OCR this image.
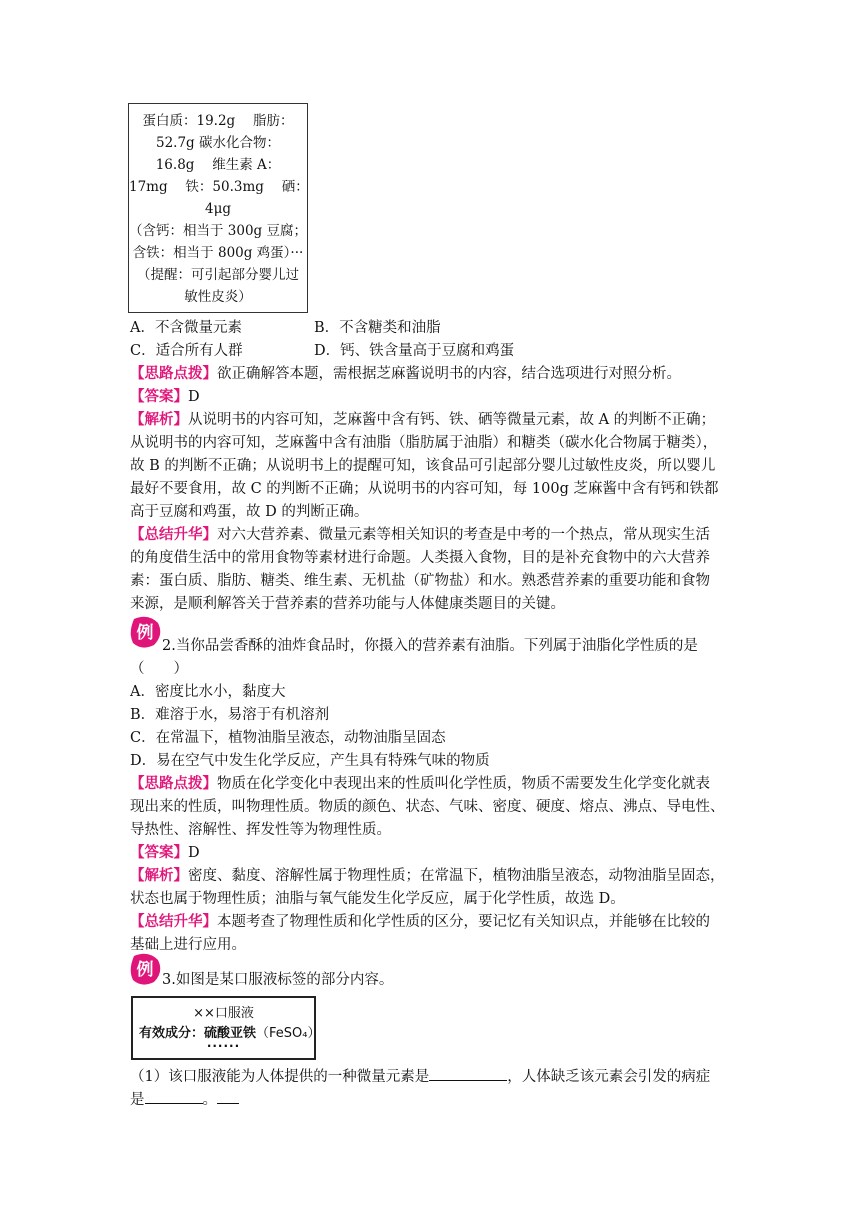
蛋白质：19.2g　 脂肪：
52.7g 碳水化合物：
16.8g　 维生素 A：
17mg　 铁：50.3mg　 硒：
4μg
（含钙：相当于 300g 豆腐；
含铁：相当于 800g 鸡蛋）···
（提醒：可引起部分婴儿过
敏性皮炎）
A．不含微量元素	B．不含糖类和油脂
C．适合所有人群	D．钙、铁含量高于豆腐和鸡蛋
【思路点拨】欲正确解答本题，需根据芝麻酱说明书的内容，结合选项进行对照分析。
【答案】D
【解析】从说明书的内容可知，芝麻酱中含有钙、铁、硒等微量元素，故 A 的判断不正确；
从说明书的内容可知，芝麻酱中含有油脂（脂肪属于油脂）和糖类（碳水化合物属于糖类），
故 B 的判断不正确；从说明书上的提醒可知，该食品可引起部分婴儿过敏性皮炎，所以婴儿
最好不要食用，故 C 的判断不正确；从说明书的内容可知，每 100g 芝麻酱中含有钙和铁都
高于豆腐和鸡蛋，故 D 的判断正确。
【总结升华】对六大营养素、微量元素等相关知识的考查是中考的一个热点，常从现实生活
的角度借生活中的常用食物等素材进行命题。人类摄入食物，目的是补充食物中的六大营养
素：蛋白质、脂肪、糖类、维生素、无机盐（矿物盐）和水。熟悉营养素的重要功能和食物
来源，是顺利解答关于营养素的营养功能与人体健康类题目的关键。
例
2.当你品尝香酥的油炸食品时，你摄入的营养素有油脂。下列属于油脂化学性质的是
（　　）
A．密度比水小，黏度大
B．难溶于水，易溶于有机溶剂
C．在常温下，植物油脂呈液态，动物油脂呈固态
D．易在空气中发生化学反应，产生具有特殊气味的物质
【思路点拨】物质在化学变化中表现出来的性质叫化学性质，物质不需要发生化学变化就表
现出来的性质，叫物理性质。物质的颜色、状态、气味、密度、硬度、熔点、沸点、导电性、
导热性、溶解性、挥发性等为物理性质。
【答案】D
【解析】密度、黏度、溶解性属于物理性质；在常温下，植物油脂呈液态，动物油脂呈固态，
状态也属于物理性质；油脂与氧气能发生化学反应，属于化学性质，故选 D。
【总结升华】本题考查了物理性质和化学性质的区分，要记忆有关知识点，并能够在比较的
基础上进行应用。
例 3.如图是某口服液标签的部分内容。
××口服液
有效成分：硫酸亚铁（FeSO₄）
······
（1）该口服液能为人体提供的一种微量元素是	，人体缺乏该元素会引发的病症
是	。
